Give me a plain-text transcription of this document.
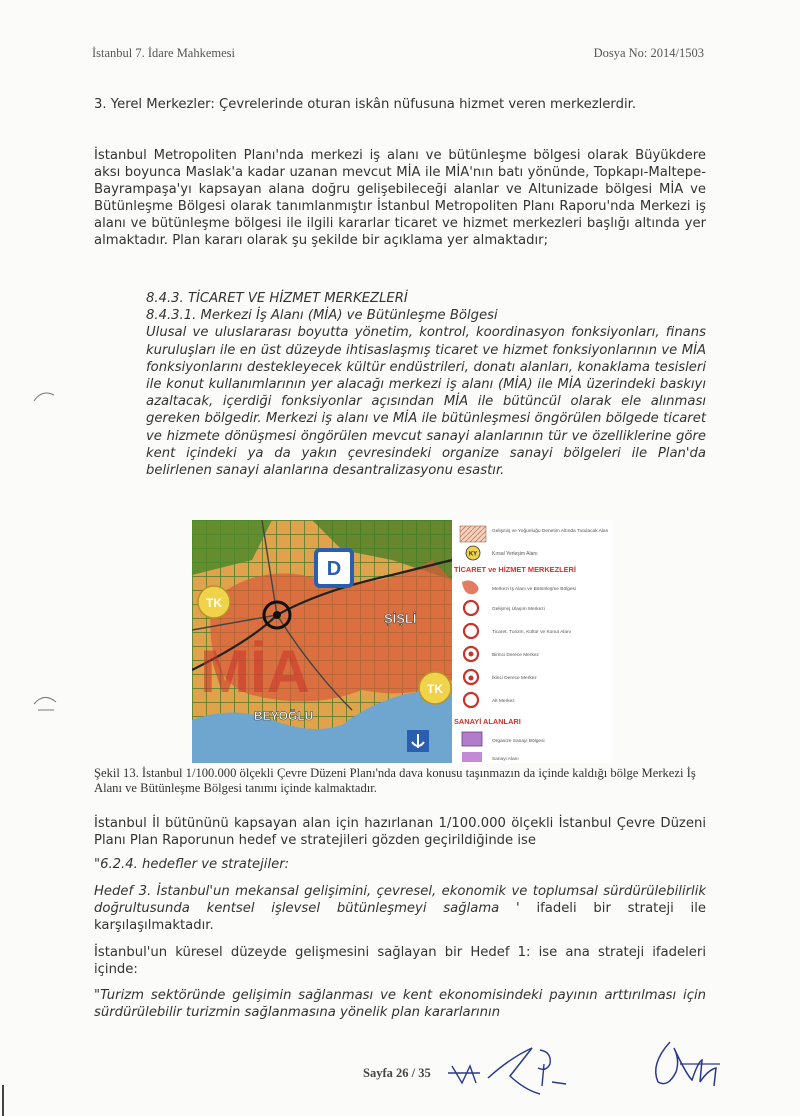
İstanbul 7. İdare Mahkemesi	Dosya No: 2014/1503

3. Yerel Merkezler: Çevrelerinde oturan iskân nüfusuna hizmet veren merkezlerdir.

İstanbul Metropoliten Planı'nda merkezi iş alanı ve bütünleşme bölgesi olarak Büyükdere aksı boyunca Maslak'a kadar uzanan mevcut MİA ile MİA'nın batı yönünde, Topkapı-Maltepe-Bayrampaşa'yı kapsayan alana doğru gelişebileceği alanlar ve Altunizade bölgesi MİA ve Bütünleşme Bölgesi olarak tanımlanmıştır İstanbul Metropoliten Planı Raporu'nda Merkezi iş alanı ve bütünleşme bölgesi ile ilgili kararlar ticaret ve hizmet merkezleri başlığı altında yer almaktadır. Plan kararı olarak şu şekilde bir açıklama yer almaktadır;

8.4.3. TİCARET VE HİZMET MERKEZLERİ
8.4.3.1. Merkezi İş Alanı (MİA) ve Bütünleşme Bölgesi
Ulusal ve uluslararası boyutta yönetim, kontrol, koordinasyon fonksiyonları, finans kuruluşları ile en üst düzeyde ihtisaslaşmış ticaret ve hizmet fonksiyonlarının ve MİA fonksiyonlarını destekleyecek kültür endüstrileri, donatı alanları, konaklama tesisleri ile konut kullanımlarının yer alacağı merkezi iş alanı (MİA) ile MİA üzerindeki baskıyı azaltacak, içerdiği fonksiyonlar açısından MİA ile bütüncül olarak ele alınması gereken bölgedir. Merkezi iş alanı ve MİA ile bütünleşmesi öngörülen bölgede ticaret ve hizmete dönüşmesi öngörülen mevcut sanayi alanlarının tür ve özelliklerine göre kent içindeki ya da yakın çevresindeki organize sanayi bölgeleri ile Plan'da belirlenen sanayi alanlarına desantralizasyonu esastır.
D
TK
TK
MİA
ŞİŞLİ
BEYOĞLU
Gelişmiş ve Yoğunluğu Denetim Altında Tutulacak Alan
KY	Kırsal Yerleşim Alanı
TİCARET ve HİZMET MERKEZLERİ
Merkezi İş Alanı ve Bütünleşme Bölgesi
Gelişmiş Ulaşım Merkezi
Ticaret, Turizm, Kültür ve Konut Alanı
Birinci Derece Merkez
İkinci Derece Merkez
Alt Merkez
SANAYİ ALANLARI
Organize Sanayi Bölgesi
Sanayi Alanı

Şekil 13. İstanbul 1/100.000 ölçekli Çevre Düzeni Planı'nda dava konusu taşınmazın da içinde kaldığı bölge Merkezi İş Alanı ve Bütünleşme Bölgesi tanımı içinde kalmaktadır.

İstanbul İl bütününü kapsayan alan için hazırlanan 1/100.000 ölçekli İstanbul Çevre Düzeni Planı Plan Raporunun hedef ve stratejileri gözden geçirildiğinde ise

"6.2.4. hedefler ve stratejiler:

Hedef 3. İstanbul'un mekansal gelişimini, çevresel, ekonomik ve toplumsal sürdürülebilirlik doğrultusunda kentsel işlevsel bütünleşmeyi sağlama ' ifadeli bir strateji ile karşılaşılmaktadır.

İstanbul'un küresel düzeyde gelişmesini sağlayan bir Hedef 1: ise ana strateji ifadeleri içinde:

"Turizm sektöründe gelişimin sağlanması ve kent ekonomisindeki payının arttırılması için sürdürülebilir turizmin sağlanmasına yönelik plan kararlarının

Sayfa 26 / 35
